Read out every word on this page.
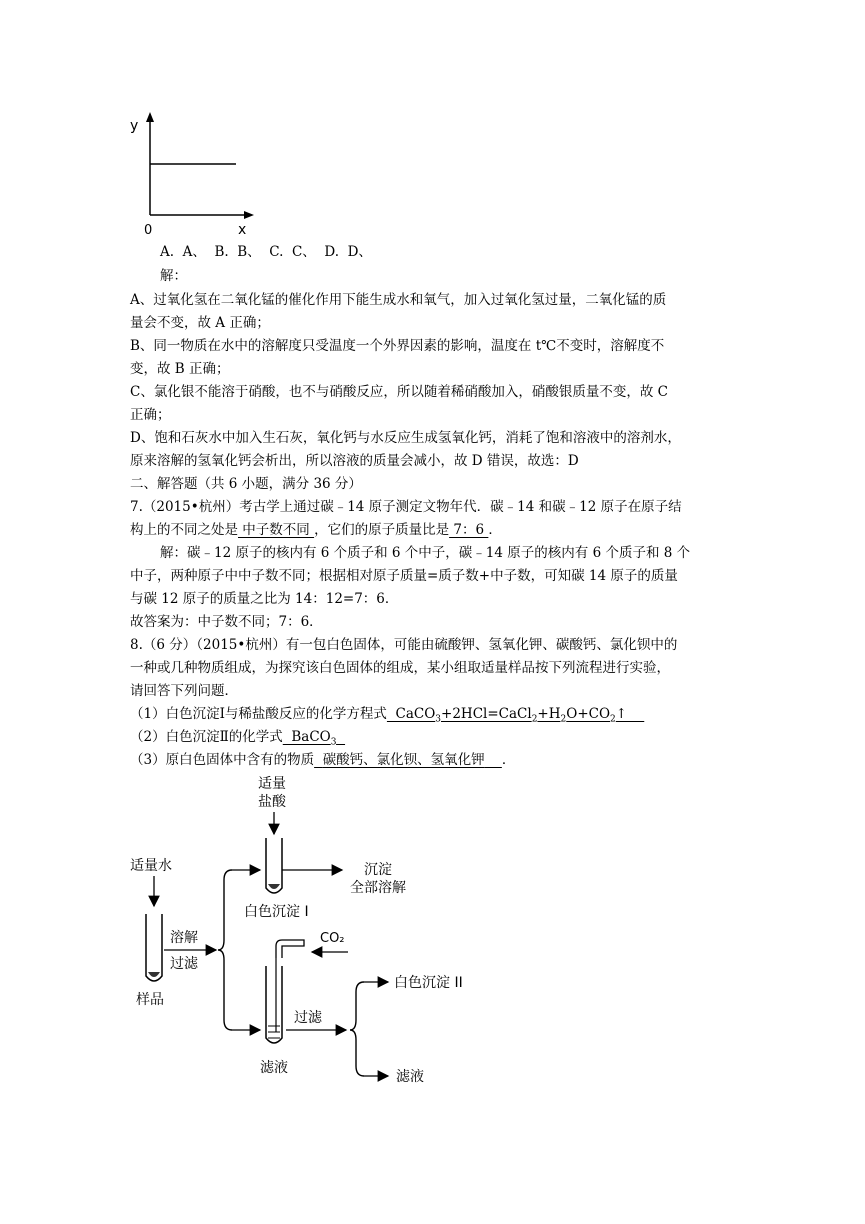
y
x
0
A.  A、  B.  B、  C.  C、  D.  D、
解：
A、过氧化氢在二氧化锰的催化作用下能生成水和氧气，加入过氧化氢过量，二氧化锰的质
量会不变，故 A 正确；
B、同一物质在水中的溶解度只受温度一个外界因素的影响，温度在 t℃不变时，溶解度不
变，故 B 正确；
C、氯化银不能溶于硝酸，也不与硝酸反应，所以随着稀硝酸加入，硝酸银质量不变，故 C
正确；
D、饱和石灰水中加入生石灰，氧化钙与水反应生成氢氧化钙，消耗了饱和溶液中的溶剂水，
原来溶解的氢氧化钙会析出，所以溶液的质量会减小，故 D 错误，故选：D
二、解答题（共 6 小题，满分 36 分）
7.（2015•杭州）考古学上通过碳﹣14 原子测定文物年代．碳﹣14 和碳﹣12 原子在原子结
构上的不同之处是 中子数不同 ，它们的原子质量比是 7：6 ．
解：碳﹣12 原子的核内有 6 个质子和 6 个中子，碳﹣14 原子的核内有 6 个质子和 8 个
中子，两种原子中中子数不同；根据相对原子质量=质子数+中子数，可知碳 14 原子的质量
与碳 12 原子的质量之比为 14：12=7：6．
故答案为：中子数不同；7：6．
8.（6 分）（2015•杭州）有一包白色固体，可能由硫酸钾、氢氧化钾、碳酸钙、氯化钡中的
一种或几种物质组成，为探究该白色固体的组成，某小组取适量样品按下列流程进行实验，
请回答下列问题．
（1）白色沉淀Ⅰ与稀盐酸反应的化学方程式  $CaCO_3+2HCl=CaCl_2+H_2O+CO_2↑$
（2）白色沉淀Ⅱ的化学式  BaCO$_3$
（3）原白色固体中含有的物质 碳酸钙、氯化钡、氢氧化钾 ．
适量
盐酸
沉淀
全部溶解
白色沉淀 I
适量水
样品
溶解
过滤
CO₂
滤液
过滤
白色沉淀 II
滤液
